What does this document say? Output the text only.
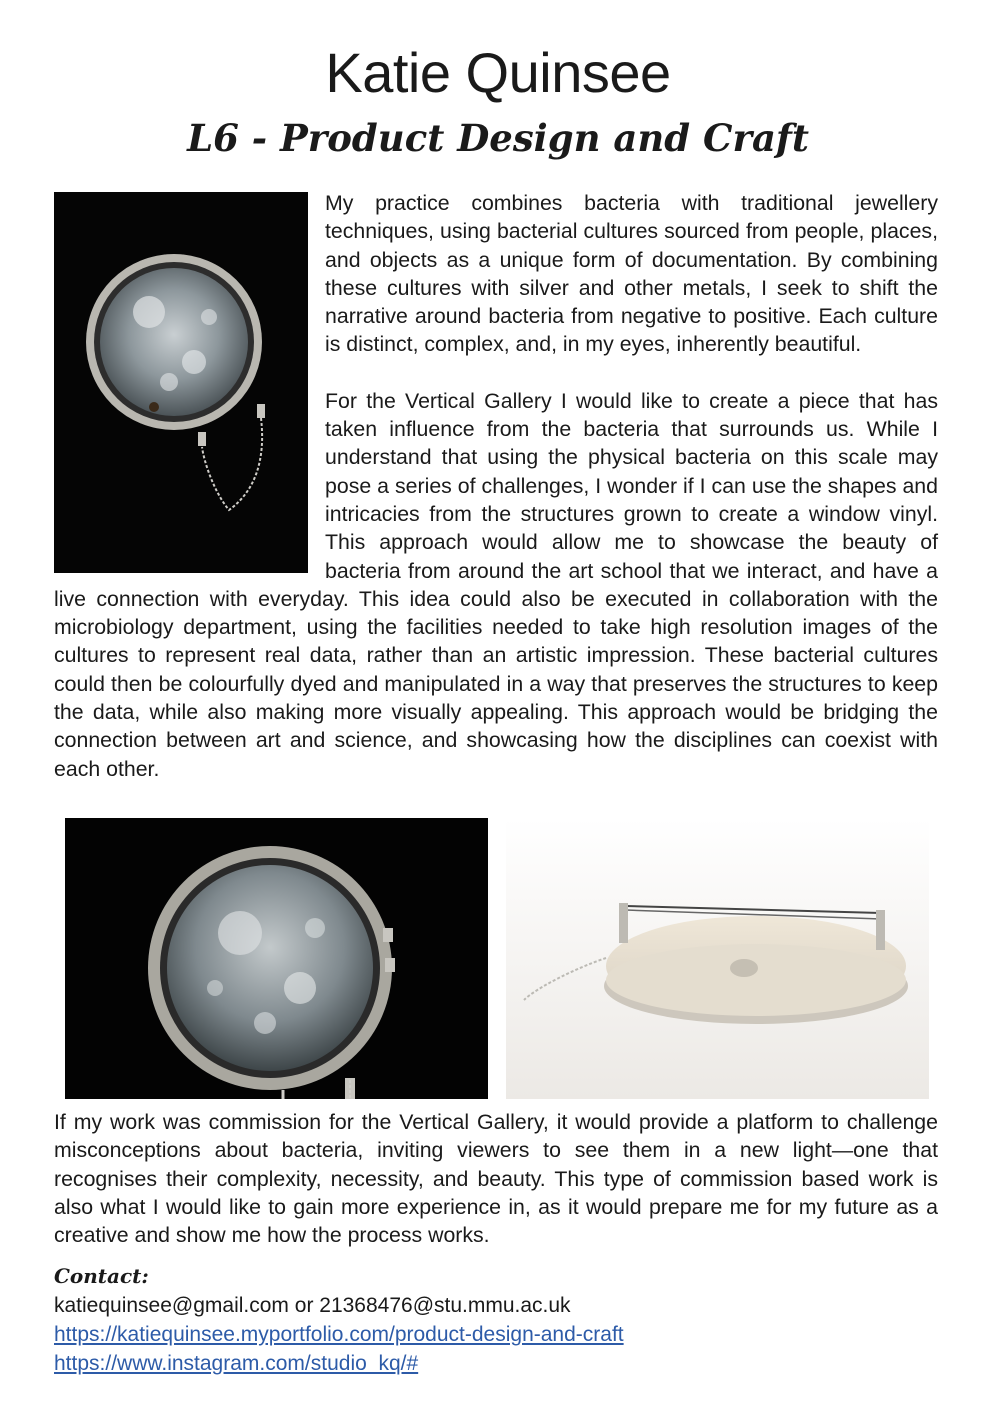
Katie Quinsee
L6 - Product Design and Craft

My practice combines bacteria with traditional jewellery techniques, using bacterial cultures sourced from people, places, and objects as a unique form of documentation. By combining these cultures with silver and other metals, I seek to shift the narrative around bacteria from negative to positive. Each culture is distinct, complex, and, in my eyes, inherently beautiful.

For the Vertical Gallery I would like to create a piece that has taken influence from the bacteria that surrounds us. While I understand that using the physical bacteria on this scale may pose a series of challenges, I wonder if I can use the shapes and intricacies from the structures grown to create a window vinyl. This approach would allow me to showcase the beauty of bacteria from around the art school that we interact, and have a live connection with everyday. This idea could also be executed in collaboration with the microbiology department, using the facilities needed to take high resolution images of the cultures to represent real data, rather than an artistic impression. These bacterial cultures could then be colourfully dyed and manipulated in a way that preserves the structures to keep the data, while also making more visually appealing. This approach would be bridging the connection between art and science, and showcasing how the disciplines can coexist with each other.

If my work was commission for the Vertical Gallery, it would provide a platform to challenge misconceptions about bacteria, inviting viewers to see them in a new light—one that recognises their complexity, necessity, and beauty. This type of commission based work is also what I would like to gain more experience in, as it would prepare me for my future as a creative and show me how the process works.

Contact:
katiequinsee@gmail.com or 21368476@stu.mmu.ac.uk
https://katiequinsee.myportfolio.com/product-design-and-craft
https://www.instagram.com/studio_kq/#
